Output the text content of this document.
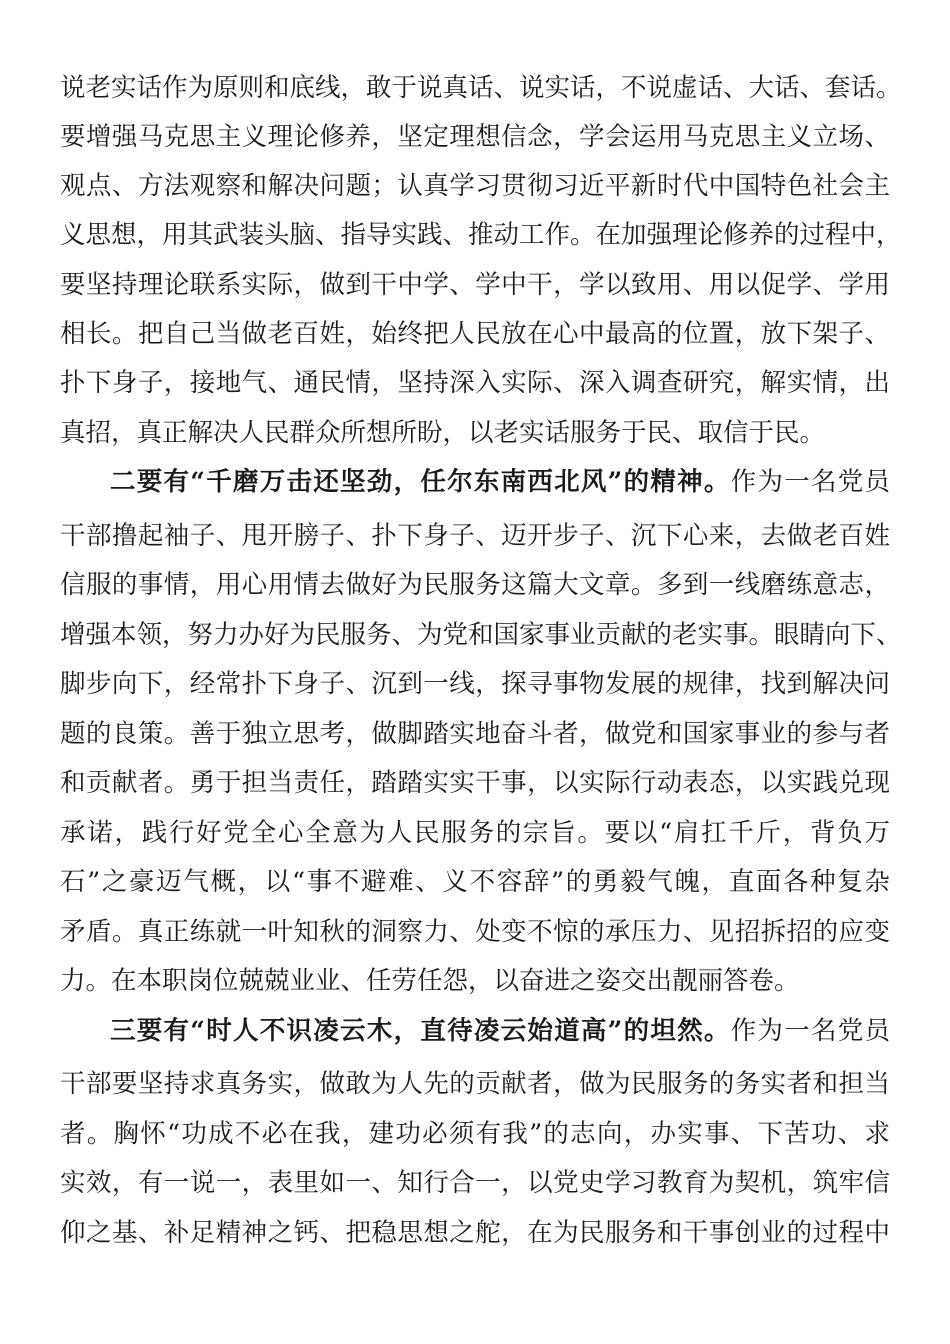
说老实话作为原则和底线，敢于说真话、说实话，不说虚话、大话、套话。
要增强马克思主义理论修养，坚定理想信念，学会运用马克思主义立场、
观点、方法观察和解决问题；认真学习贯彻习近平新时代中国特色社会主
义思想，用其武装头脑、指导实践、推动工作。在加强理论修养的过程中，
要坚持理论联系实际，做到干中学、学中干，学以致用、用以促学、学用
相长。把自己当做老百姓，始终把人民放在心中最高的位置，放下架子、
扑下身子，接地气、通民情，坚持深入实际、深入调查研究，解实情，出
真招，真正解决人民群众所想所盼，以老实话服务于民、取信于民。
二要有“千磨万击还坚劲，任尔东南西北风”的精神。作为一名党员
干部撸起袖子、甩开膀子、扑下身子、迈开步子、沉下心来，去做老百姓
信服的事情，用心用情去做好为民服务这篇大文章。多到一线磨练意志，
增强本领，努力办好为民服务、为党和国家事业贡献的老实事。眼睛向下、
脚步向下，经常扑下身子、沉到一线，探寻事物发展的规律，找到解决问
题的良策。善于独立思考，做脚踏实地奋斗者，做党和国家事业的参与者
和贡献者。勇于担当责任，踏踏实实干事，以实际行动表态，以实践兑现
承诺，践行好党全心全意为人民服务的宗旨。要以“肩扛千斤，背负万
石”之豪迈气概，以“事不避难、义不容辞”的勇毅气魄，直面各种复杂
矛盾。真正练就一叶知秋的洞察力、处变不惊的承压力、见招拆招的应变
力。在本职岗位兢兢业业、任劳任怨，以奋进之姿交出靓丽答卷。
三要有“时人不识凌云木，直待凌云始道高”的坦然。作为一名党员
干部要坚持求真务实，做敢为人先的贡献者，做为民服务的务实者和担当
者。胸怀“功成不必在我，建功必须有我”的志向，办实事、下苦功、求
实效，有一说一，表里如一、知行合一，以党史学习教育为契机，筑牢信
仰之基、补足精神之钙、把稳思想之舵，在为民服务和干事创业的过程中
